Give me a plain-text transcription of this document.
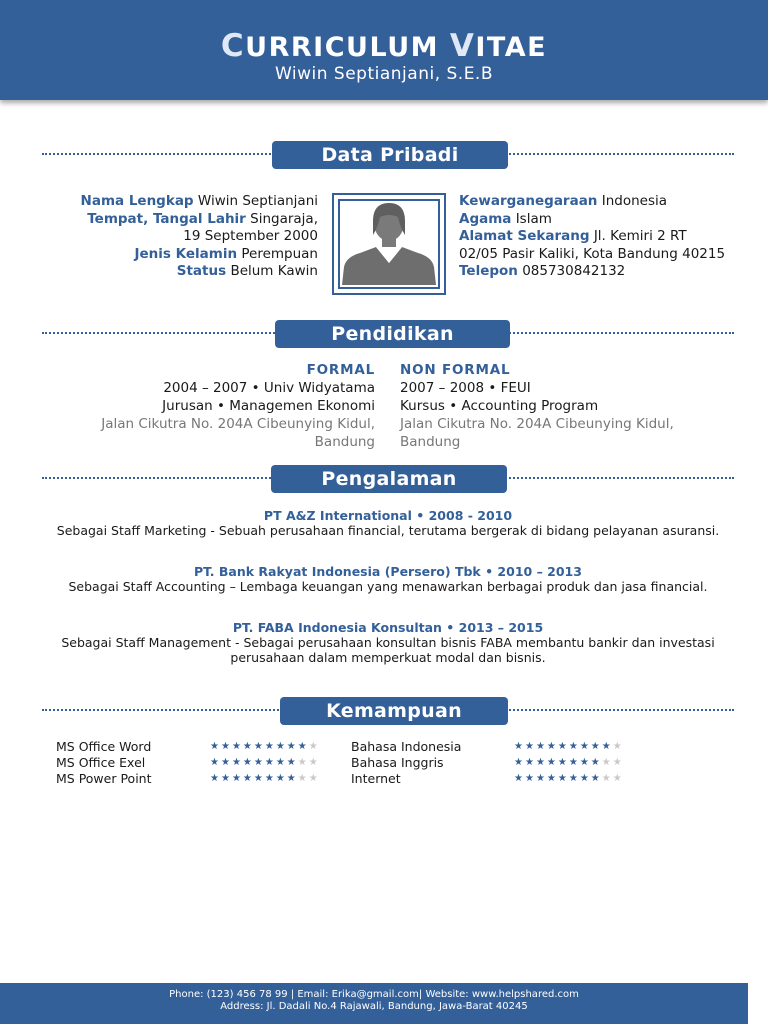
CURRICULUM VITAE
Wiwin Septianjani, S.E.B
Data Pribadi
Nama Lengkap Wiwin Septianjani
Tempat, Tangal Lahir Singaraja,
19 September 2000
Jenis Kelamin Perempuan
Status Belum Kawin
Kewarganegaraan Indonesia
Agama Islam
Alamat Sekarang Jl. Kemiri 2 RT 02/05 Pasir Kaliki, Kota Bandung 40215
Telepon 085730842132
Pendidikan
FORMAL
2004 – 2007 • Univ Widyatama
Jurusan • Managemen Ekonomi
Jalan Cikutra No. 204A Cibeunying Kidul, Bandung
NON FORMAL
2007 – 2008 • FEUI
Kursus • Accounting Program
Jalan Cikutra No. 204A Cibeunying Kidul, Bandung
Pengalaman
PT A&Z International • 2008 - 2010
Sebagai Staff Marketing - Sebuah perusahaan financial, terutama bergerak di bidang pelayanan asuransi.
PT. Bank Rakyat Indonesia (Persero) Tbk • 2010 – 2013
Sebagai Staff Accounting – Lembaga keuangan yang menawarkan berbagai produk dan jasa financial.
PT. FABA Indonesia Konsultan • 2013 – 2015
Sebagai Staff Management - Sebagai perusahaan konsultan bisnis FABA membantu bankir dan investasi perusahaan dalam memperkuat modal dan bisnis.
Kemampuan
MS Office Word	★ ★ ★ ★ ★ ★ ★ ★ ★ ★
MS Office Exel	★ ★ ★ ★ ★ ★ ★ ★ ★ ★
MS Power Point	★ ★ ★ ★ ★ ★ ★ ★ ★ ★
Bahasa Indonesia	★ ★ ★ ★ ★ ★ ★ ★ ★ ★
Bahasa Inggris	★ ★ ★ ★ ★ ★ ★ ★ ★ ★
Internet	★ ★ ★ ★ ★ ★ ★ ★ ★ ★
Phone: (123) 456 78 99 | Email: Erika@gmail.com| Website: www.helpshared.com
Address: Jl. Dadali No.4 Rajawali, Bandung, Jawa-Barat 40245
